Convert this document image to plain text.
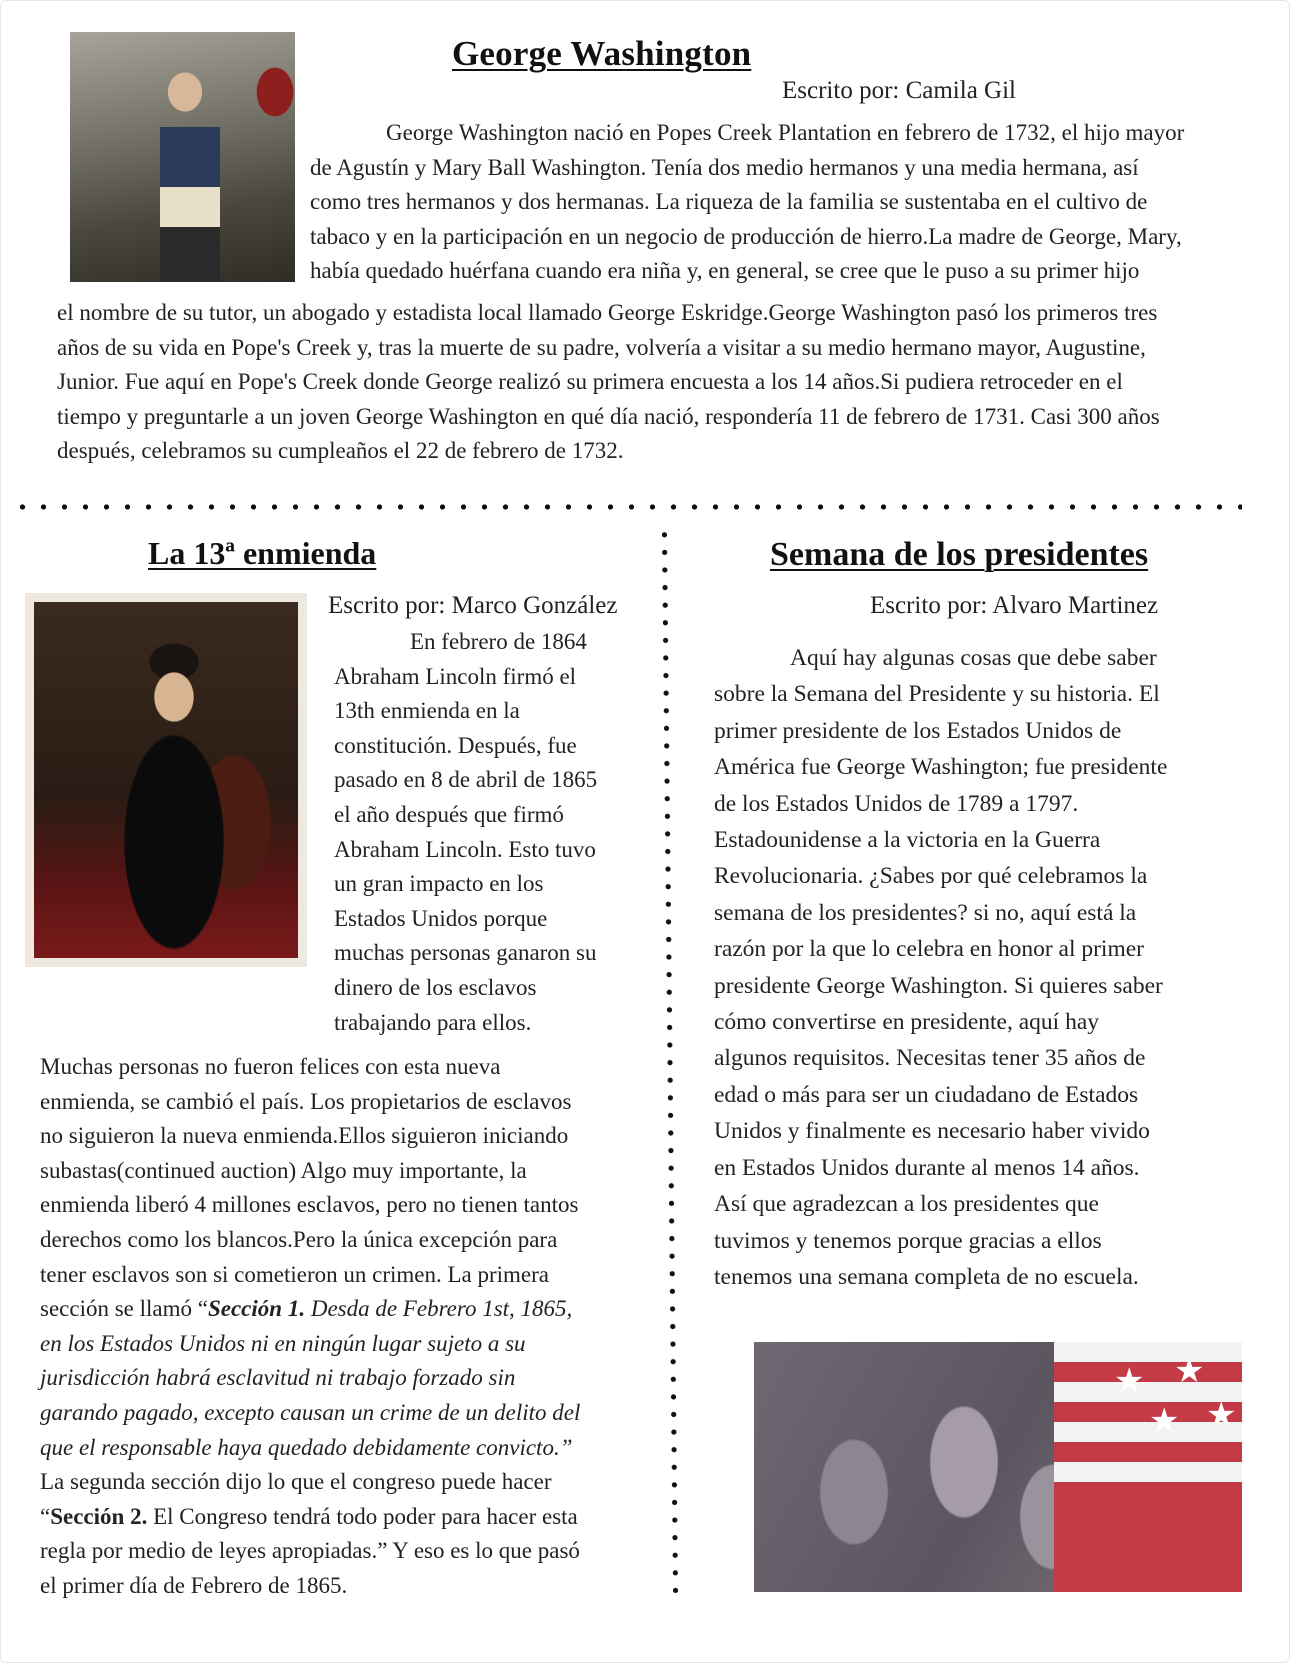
George Washington
Escrito por: Camila Gil

George Washington nació en Popes Creek Plantation en febrero de 1732, el hijo mayor

de Agustín y Mary Ball Washington. Tenía dos medio hermanos y una media hermana, así

como tres hermanos y dos hermanas. La riqueza de la familia se sustentaba en el cultivo de

tabaco y en la participación en un negocio de producción de hierro.La madre de George, Mary,

había quedado huérfana cuando era niña y, en general, se cree que le puso a su primer hijo

el nombre de su tutor, un abogado y estadista local llamado George Eskridge.George Washington pasó los primeros tres

años de su vida en Pope's Creek y, tras la muerte de su padre, volvería a visitar a su medio hermano mayor, Augustine,

Junior. Fue aquí en Pope's Creek donde George realizó su primera encuesta a los 14 años.Si pudiera retroceder en el

tiempo y preguntarle a un joven George Washington en qué día nació, respondería 11 de febrero de 1731. Casi 300 años

después, celebramos su cumpleaños el 22 de febrero de 1732.

La 13ª enmienda
Escrito por: Marco González

En febrero de 1864

Abraham Lincoln firmó el

13th enmienda en la

constitución. Después, fue

pasado en 8 de abril de 1865

el año después que firmó

Abraham Lincoln. Esto tuvo

un gran impacto en los

Estados Unidos porque

muchas personas ganaron su

dinero de los esclavos

trabajando para ellos.

Muchas personas no fueron felices con esta nueva

enmienda, se cambió el país. Los propietarios de esclavos

no siguieron la nueva enmienda.Ellos siguieron iniciando

subastas(continued auction) Algo muy importante, la

enmienda liberó 4 millones esclavos, pero no tienen tantos

derechos como los blancos.Pero la única excepción para

tener esclavos son si cometieron un crimen. La primera

sección se llamó “Sección 1. Desda de Febrero 1st, 1865,

en los Estados Unidos ni en ningún lugar sujeto a su

jurisdicción habrá esclavitud ni trabajo forzado sin

garando pagado, excepto causan un crime de un delito del

que el responsable haya quedado debidamente convicto.”

La segunda sección dijo lo que el congreso puede hacer

“Sección 2. El Congreso tendrá todo poder para hacer esta

regla por medio de leyes apropiadas.” Y eso es lo que pasó

el primer día de Febrero de 1865.

Semana de los presidentes
Escrito por: Alvaro Martinez

Aquí hay algunas cosas que debe saber

sobre la Semana del Presidente y su historia. El

primer presidente de los Estados Unidos de

América fue George Washington; fue presidente

de los Estados Unidos de 1789 a 1797.

Estadounidense a la victoria en la Guerra

Revolucionaria. ¿Sabes por qué celebramos la

semana de los presidentes? si no, aquí está la

razón por la que lo celebra en honor al primer

presidente George Washington. Si quieres saber

cómo convertirse en presidente, aquí hay

algunos requisitos. Necesitas tener 35 años de

edad o más para ser un ciudadano de Estados

Unidos y finalmente es necesario haber vivido

en Estados Unidos durante al menos 14 años.

Así que agradezcan a los presidentes que

tuvimos y tenemos porque gracias a ellos

tenemos una semana completa de no escuela.

★ ★
★ ★
